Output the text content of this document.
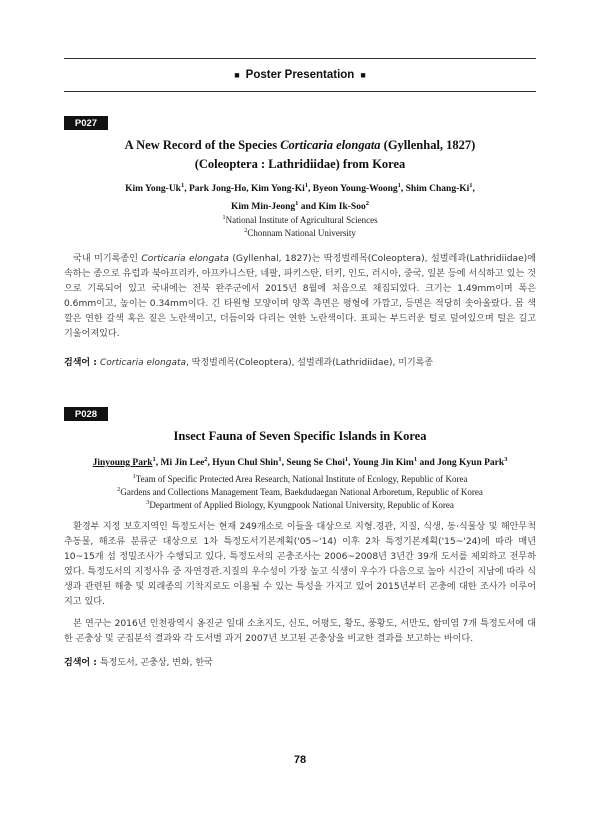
■ Poster Presentation ■
P027
A New Record of the Species Corticaria elongata (Gyllenhal, 1827)
(Coleoptera : Lathridiidae) from Korea
Kim Yong-Uk$^1$, Park Jong-Ho, Kim Yong-Ki$^1$, Byeon Young-Woong$^1$, Shim Chang-Ki$^1$,
Kim Min-Jeong$^1$ and Kim Ik-Soo$^2$
$^1$National Institute of Agricultural Sciences
$^2$Chonnam National University
국내 미기록종인 Corticaria elongata (Gyllenhal, 1827)는 딱정벌레목(Coleoptera), 설벌레과(Lathridiidae)에 속하는 종으로 유럽과 북아프리카, 아프카니스탄, 네팔, 파키스탄, 터키, 인도, 러시아, 중국, 일본 등에 서식하고 있는 것으로 기록되어 있고 국내에는 전북 완주군에서 2015년 8월에 처음으로 채집되었다. 크기는 1.49mm이며 폭은 0.6mm이고, 높이는 0.34mm이다. 긴 타원형 모양이며 양쪽 측면은 평형에 가깝고, 등면은 적당히 솟아올랐다. 몸 색깔은 연한 갈색 혹은 짙은 노란색이고, 더듬이와 다리는 연한 노란색이다. 표피는 부드러운 털로 덮여있으며 털은 길고 기울어져있다.
검색어 : Corticaria elongata, 딱정벌레목(Coleoptera), 설벌레과(Lathridiidae), 미기록종
P028
Insect Fauna of Seven Specific Islands in Korea
Jinyoung Park$^1$, Mi Jin Lee$^2$, Hyun Chul Shin$^1$, Seung Se Choi$^1$, Young Jin Kim$^1$ and Jong Kyun Park$^3$
$^1$Team of Specific Protected Area Research, National Institute of Ecology, Republic of Korea
$^2$Gardens and Collections Management Team, Baekdudaegan National Arboretum, Republic of Korea
$^3$Department of Applied Biology, Kyungpook National University, Republic of Korea
환경부 지정 보호지역인 특정도서는 현재 249개소로 이들을 대상으로 지형.경관, 지질, 식생, 동·식물상 및 해안무척추동물, 해조류 분류군 대상으로 1차 특정도서기본계획('05~'14) 이후 2차 특정기본계획('15~'24)에 따라 매년 10~15개 섬 정밀조사가 수행되고 있다. 특정도서의 곤충조사는 2006~2008년 3년간 39개 도서를 제외하고 전무하였다. 특정도서의 지정사유 중 자연경관.지질의 우수성이 가장 높고 식생이 우수가 다음으로 높아 시간이 지남에 따라 식생과 관련된 해충 및 외래종의 기착지로도 이용될 수 있는 특성을 가지고 있어 2015년부터 곤충에 대한 조사가 이루어지고 있다.
본 연구는 2016년 인천광역시 옹진군 일대 소초지도, 신도, 어평도, 황도, 풍황도, 서만도, 함미염 7개 특정도서에 대한 곤충상 및 군집분석 결과와 각 도서별 과거 2007년 보고된 곤충상을 비교한 결과를 보고하는 바이다.
검색어 : 특정도서, 곤충상, 변화, 한국
78
